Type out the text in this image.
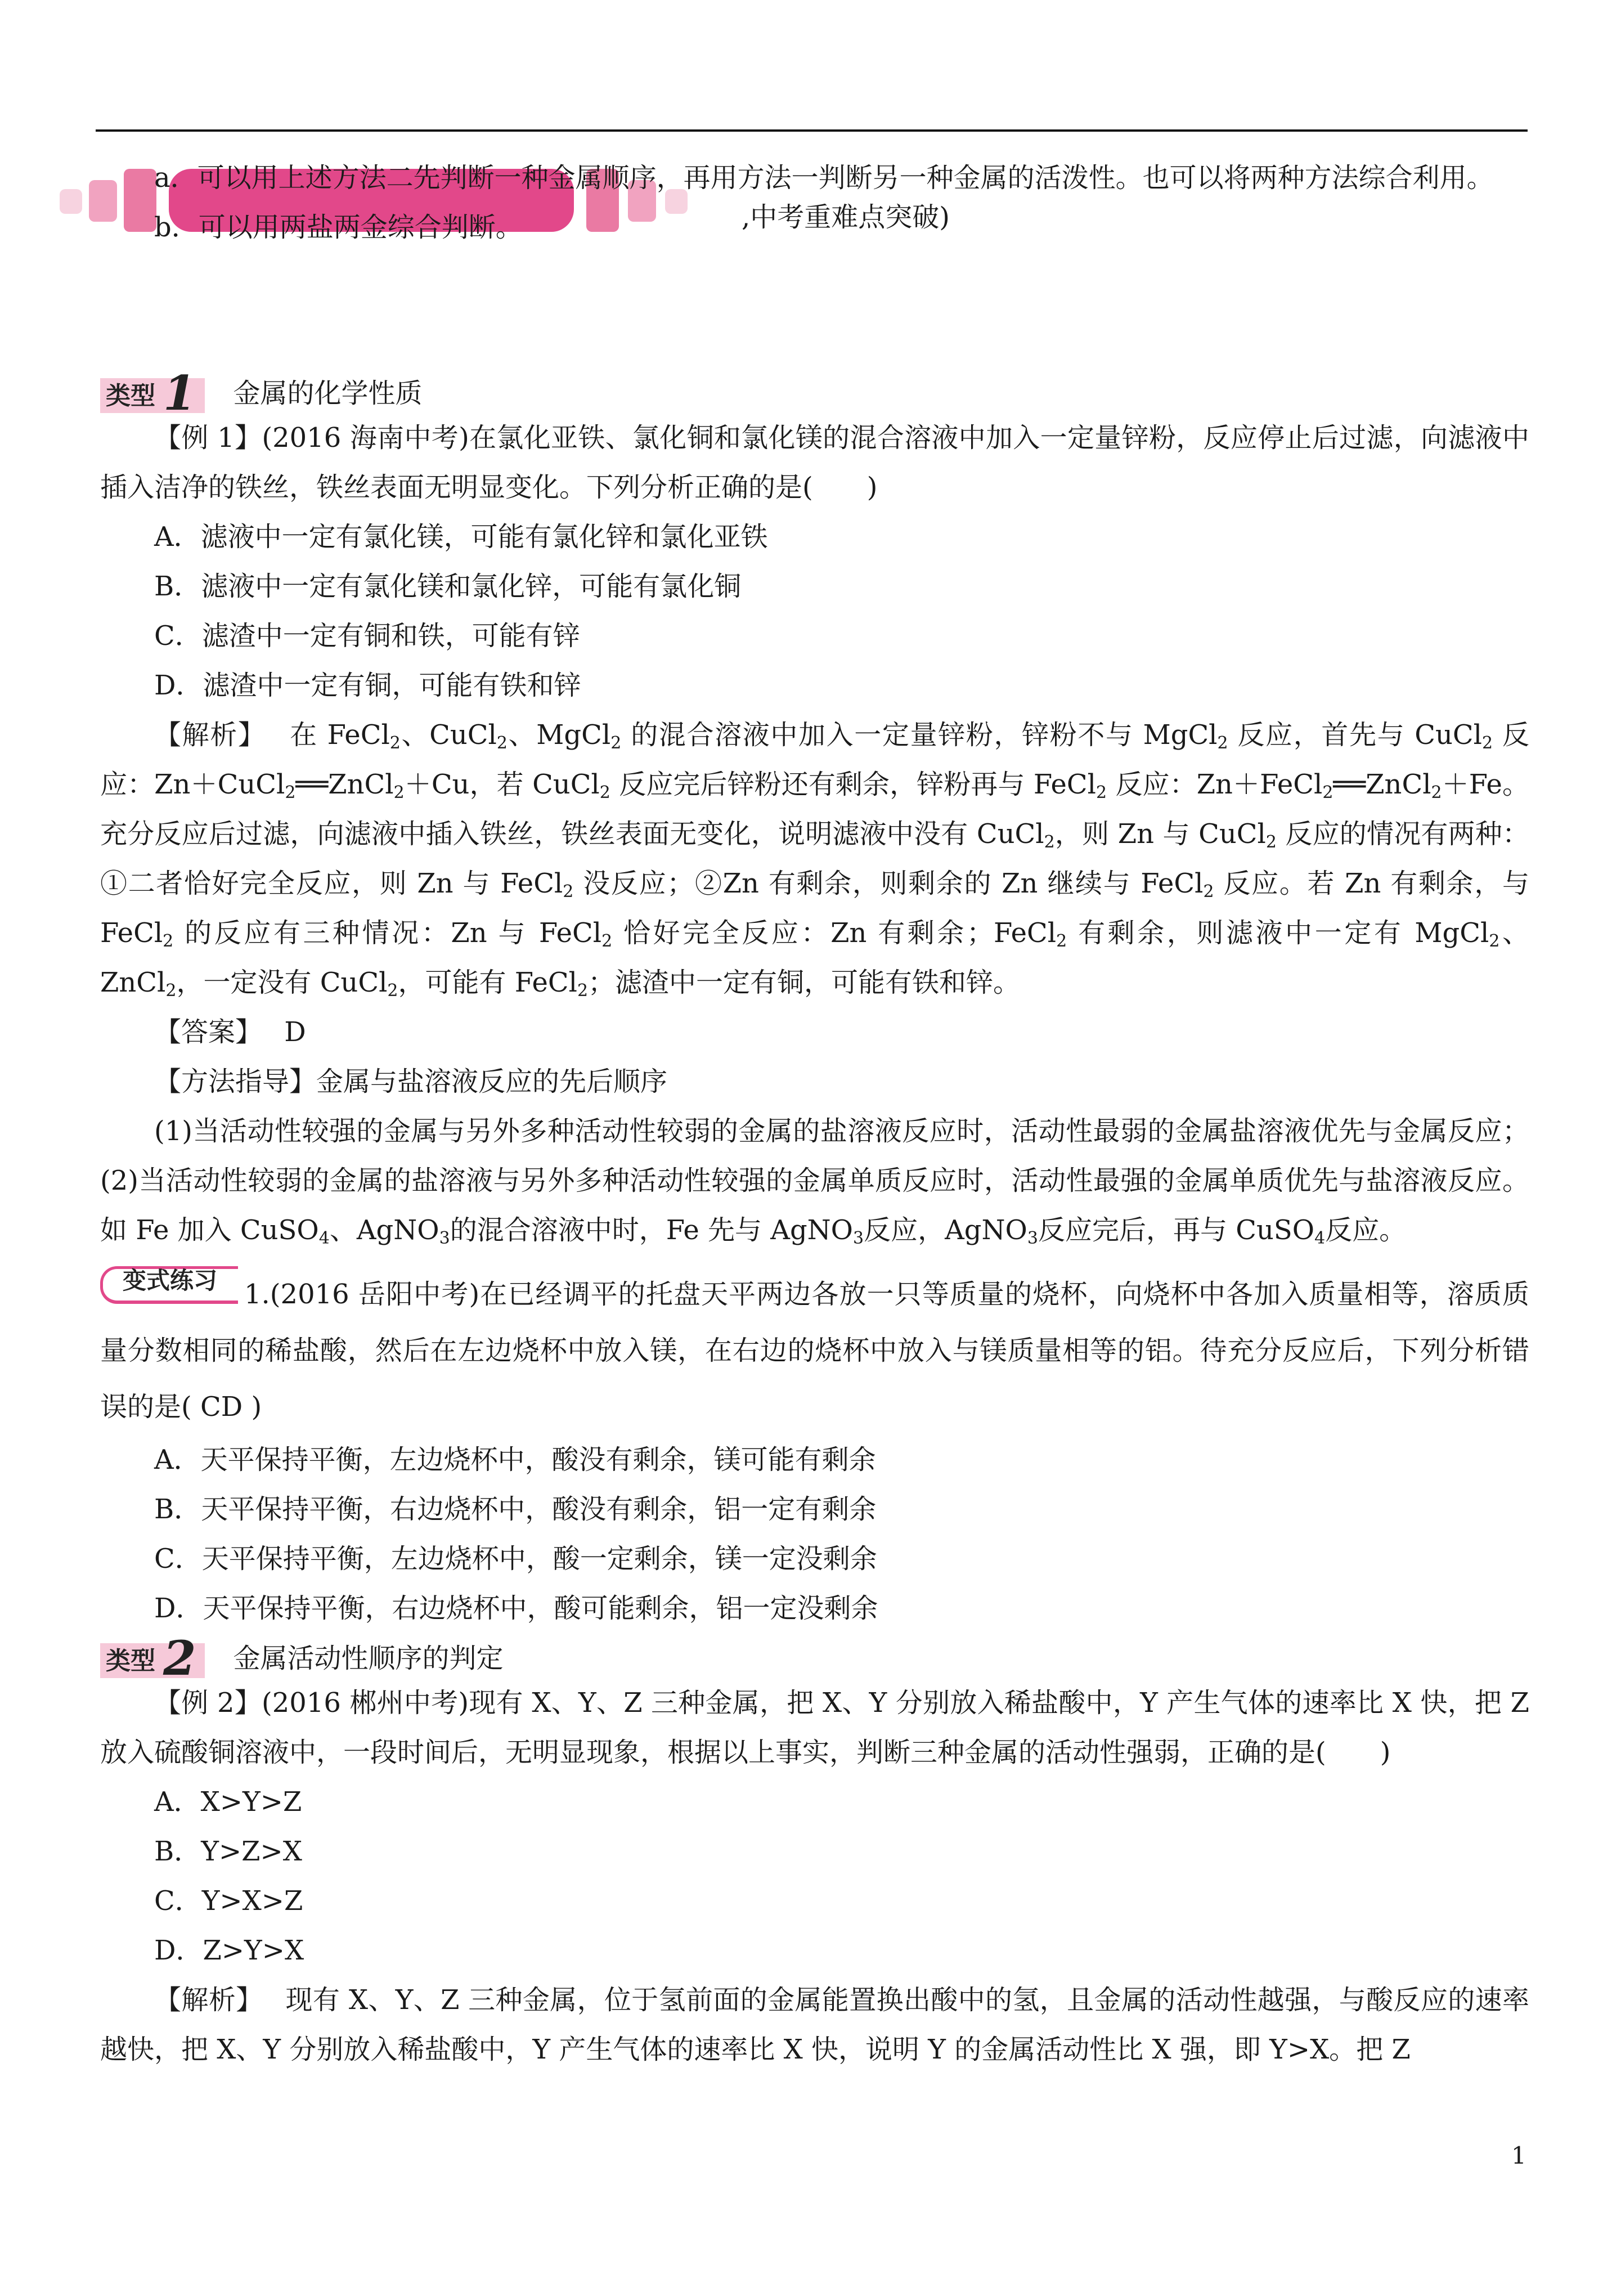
a．可以用上述方法二先判断一种金属顺序，再用方法一判断另一种金属的活泼性。也可以将两种方法综合利用。

b．可以用两盐两金综合判断。

类型 1 金属的化学性质

【例 1】(2016 海南中考)在氯化亚铁、氯化铜和氯化镁的混合溶液中加入一定量锌粉，反应停止后过滤，向滤液中插入洁净的铁丝，铁丝表面无明显变化。下列分析正确的是(　　)

A．滤液中一定有氯化镁，可能有氯化锌和氯化亚铁

B．滤液中一定有氯化镁和氯化锌，可能有氯化铜

C．滤渣中一定有铜和铁，可能有锌

D．滤渣中一定有铜，可能有铁和锌

【解析】　 在 FeCl$_2$、CuCl$_2$、MgCl$_2$ 的混合溶液中加入一定量锌粉，锌粉不与 MgCl$_2$ 反应，首先与 CuCl$_2$ 反应：Zn＋CuCl$_2$══ZnCl$_2$＋Cu，若 CuCl$_2$ 反应完后锌粉还有剩余，锌粉再与 FeCl$_2$ 反应：Zn＋FeCl$_2$══ZnCl$_2$＋Fe。充分反应后过滤，向滤液中插入铁丝，铁丝表面无变化，说明滤液中没有 CuCl$_2$，则 Zn 与 CuCl$_2$ 反应的情况有两种：①二者恰好完全反应，则 Zn 与 FeCl$_2$ 没反应；②Zn 有剩余，则剩余的 Zn 继续与 FeCl$_2$ 反应。若 Zn 有剩余，与 FeCl$_2$ 的反应有三种情况：Zn 与 FeCl$_2$ 恰好完全反应：Zn 有剩余；FeCl$_2$ 有剩余，则滤液中一定有 MgCl$_2$、ZnCl$_2$，一定没有 CuCl$_2$，可能有 FeCl$_2$；滤渣中一定有铜，可能有铁和锌。

【答案】　 D

【方法指导】金属与盐溶液反应的先后顺序

(1)当活动性较强的金属与另外多种活动性较弱的金属的盐溶液反应时，活动性最弱的金属盐溶液优先与金属反应；(2)当活动性较弱的金属的盐溶液与另外多种活动性较强的金属单质反应时，活动性最强的金属单质优先与盐溶液反应。如 Fe 加入 CuSO$_4$、AgNO$_3$的混合溶液中时，Fe 先与 AgNO$_3$反应，AgNO$_3$反应完后，再与 CuSO$_4$反应。

变式练习 1.(2016 岳阳中考)在已经调平的托盘天平两边各放一只等质量的烧杯，向烧杯中各加入质量相等，溶质质量分数相同的稀盐酸，然后在左边烧杯中放入镁，在右边的烧杯中放入与镁质量相等的铝。待充分反应后，下列分析错误的是( CD )

A．天平保持平衡，左边烧杯中，酸没有剩余，镁可能有剩余

B．天平保持平衡，右边烧杯中，酸没有剩余，铝一定有剩余

C．天平保持平衡，左边烧杯中，酸一定剩余，镁一定没剩余

D．天平保持平衡，右边烧杯中，酸可能剩余，铝一定没剩余

类型 2 金属活动性顺序的判定

【例 2】(2016 郴州中考)现有 X、Y、Z 三种金属，把 X、Y 分别放入稀盐酸中，Y 产生气体的速率比 X 快，把 Z 放入硫酸铜溶液中，一段时间后，无明显现象，根据以上事实，判断三种金属的活动性强弱，正确的是(　　)

A．X>Y>Z

B．Y>Z>X

C．Y>X>Z

D．Z>Y>X

【解析】　 现有 X、Y、Z 三种金属，位于氢前面的金属能置换出酸中的氢，且金属的活动性越强，与酸反应的速率越快，把 X、Y 分别放入稀盐酸中，Y 产生气体的速率比 X 快，说明 Y 的金属活动性比 X 强，即 Y>X。把 Z

,中考重难点突破)
1
